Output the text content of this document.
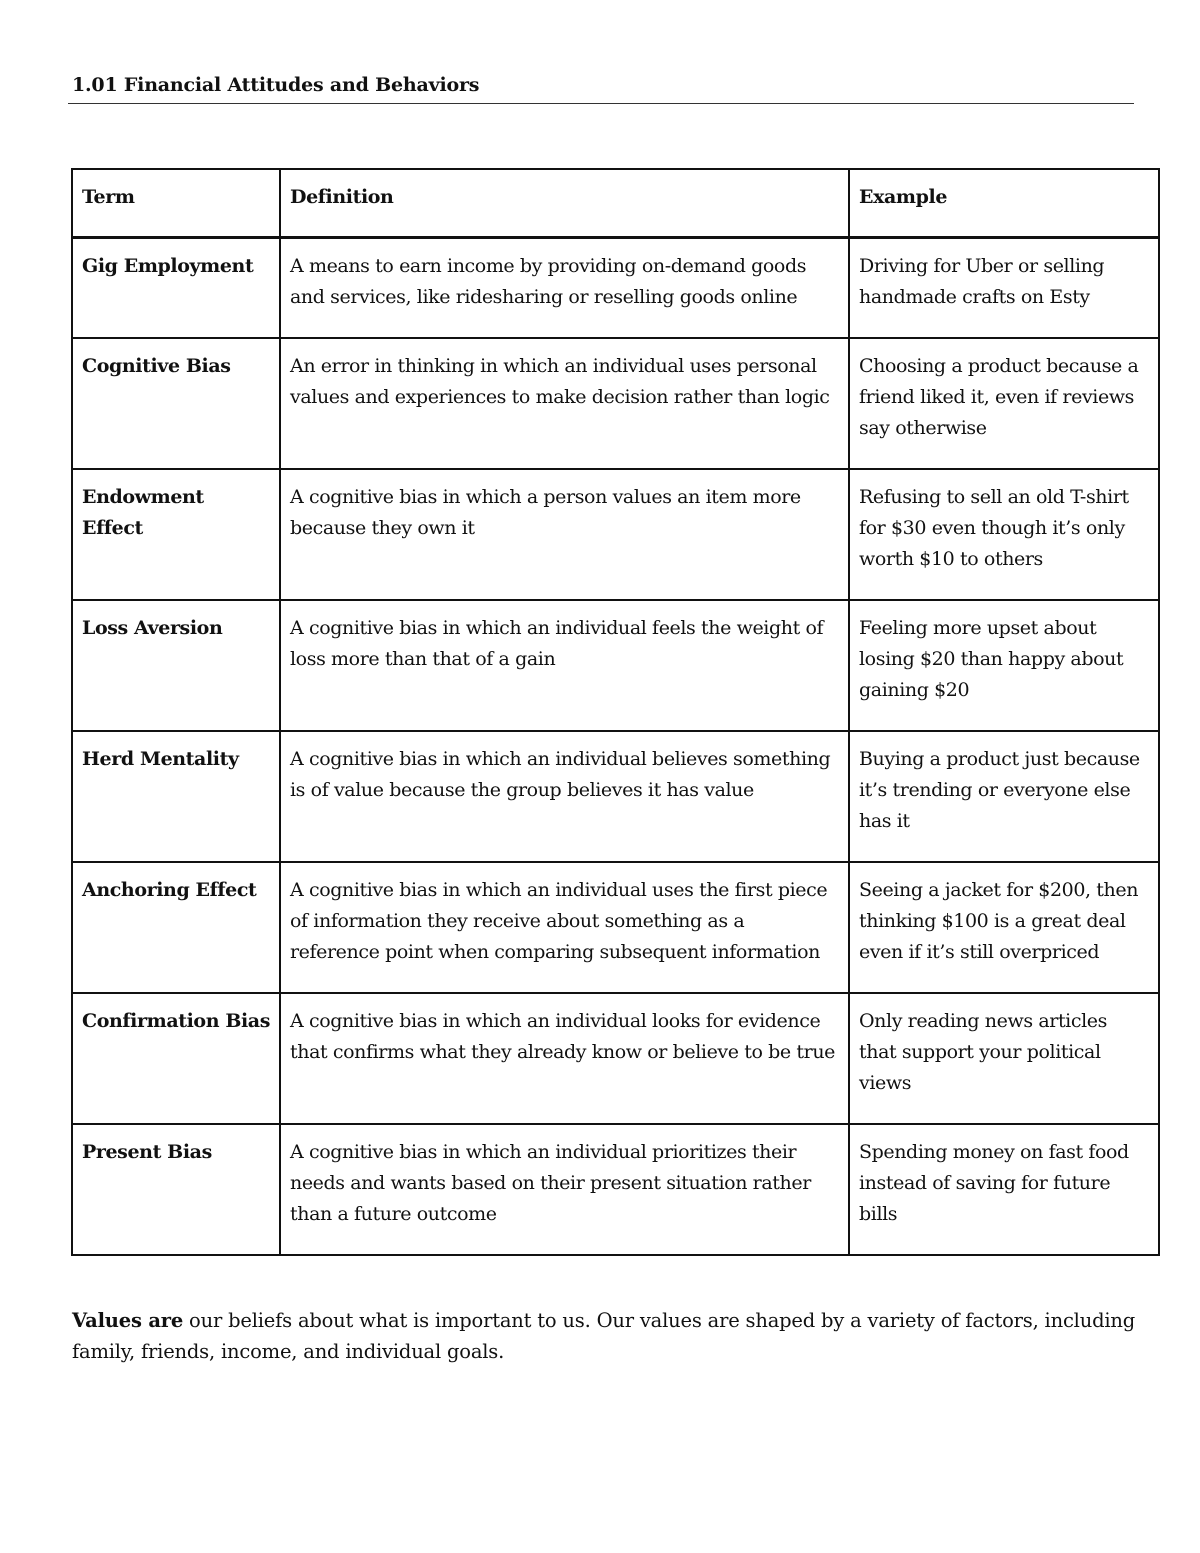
1.01 Financial Attitudes and Behaviors
Term	Definition	Example
Gig Employment	A means to earn income by providing on-demand goods and services, like ridesharing or reselling goods online	Driving for Uber or selling handmade crafts on Esty
Cognitive Bias	An error in thinking in which an individual uses personal values and experiences to make decision rather than logic	Choosing a product because a friend liked it, even if reviews say otherwise
Endowment Effect	A cognitive bias in which a person values an item more because they own it	Refusing to sell an old T-shirt for $30 even though it’s only worth $10 to others
Loss Aversion	A cognitive bias in which an individual feels the weight of loss more than that of a gain	Feeling more upset about losing $20 than happy about gaining $20
Herd Mentality	A cognitive bias in which an individual believes something is of value because the group believes it has value	Buying a product just because it’s trending or everyone else has it
Anchoring Effect	A cognitive bias in which an individual uses the first piece of information they receive about something as a reference point when comparing subsequent information	Seeing a jacket for $200, then thinking $100 is a great deal even if it’s still overpriced
Confirmation Bias	A cognitive bias in which an individual looks for evidence that confirms what they already know or believe to be true	Only reading news articles that support your political views
Present Bias	A cognitive bias in which an individual prioritizes their needs and wants based on their present situation rather than a future outcome	Spending money on fast food instead of saving for future bills

Values are our beliefs about what is important to us. Our values are shaped by a variety of factors, including family, friends, income, and individual goals.
